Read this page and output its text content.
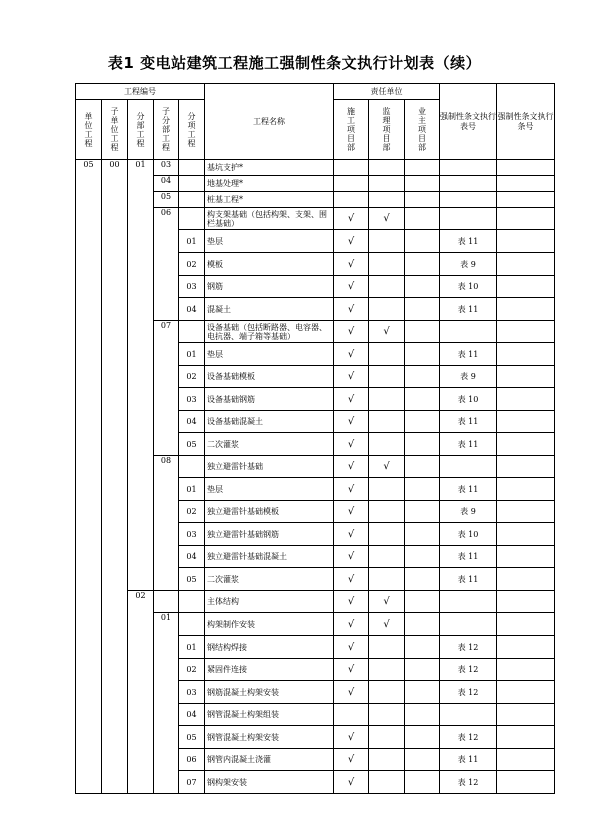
表1 变电站建筑工程施工强制性条文执行计划表（续）
工程编号					工程名称	责任单位			强制性条文执行表号	强制性条文执行条号
单位工程	子单位工程	分部工程	子分部工程	分项工程		施工项目部	监理项目部	业主项目部		
05	00	01	03		基坑支护*					
			04		地基处理*					
			05		桩基工程*					
			06		构支架基础（包括构架、支架、围栏基础）	√	√			
				01	垫层	√			表 11	
				02	模板	√			表 9	
				03	钢筋	√			表 10	
				04	混凝土	√			表 11	
			07		设备基础（包括断路器、电容器、电抗器、端子箱等基础）	√	√			
				01	垫层	√			表 11	
				02	设备基础模板	√			表 9	
				03	设备基础钢筋	√			表 10	
				04	设备基础混凝土	√			表 11	
				05	二次灌浆	√			表 11	
			08		独立避雷针基础	√	√			
				01	垫层	√			表 11	
				02	独立避雷针基础模板	√			表 9	
				03	独立避雷针基础钢筋	√			表 10	
				04	独立避雷针基础混凝土	√			表 11	
				05	二次灌浆	√			表 11	
		02			主体结构	√	√			
			01		构架制作安装	√	√			
				01	钢结构焊接	√			表 12	
				02	紧固件连接	√			表 12	
				03	钢筋混凝土构架安装	√			表 12	
				04	钢管混凝土构架组装					
				05	钢管混凝土构架安装	√			表 12	
				06	钢管内混凝土浇灌	√			表 11	
				07	钢构架安装	√			表 12	
